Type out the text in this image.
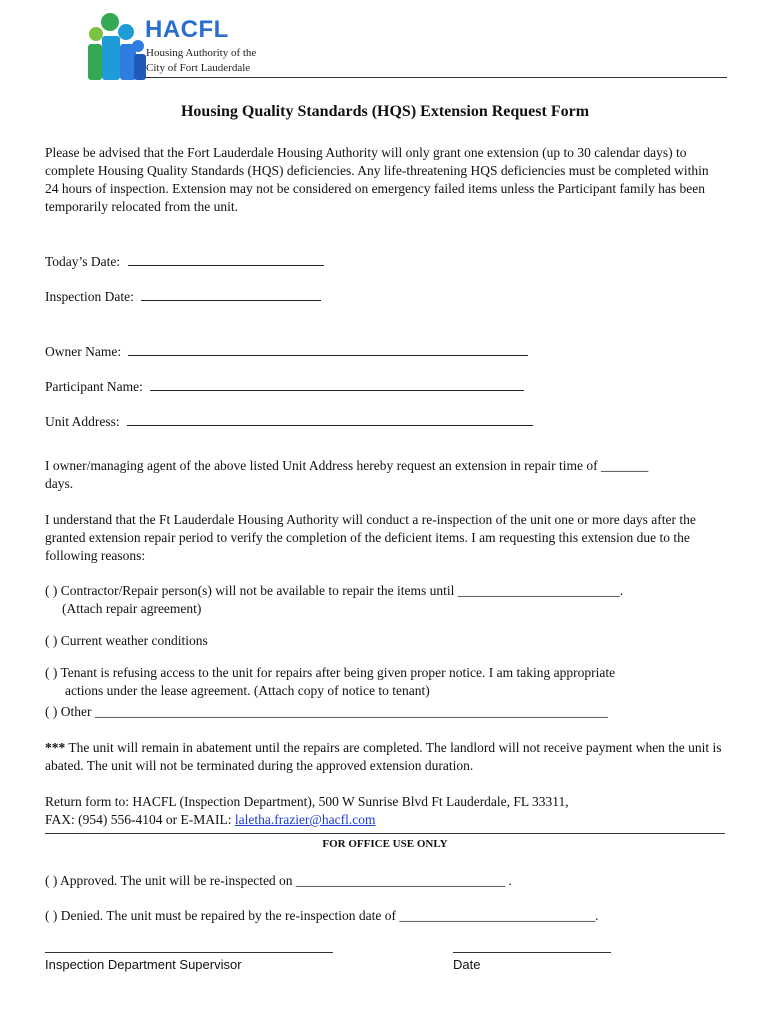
HACFL
Housing Authority of the
City of Fort Lauderdale
Housing Quality Standards (HQS) Extension Request Form
Please be advised that the Fort Lauderdale Housing Authority will only grant one extension (up to 30 calendar days) to complete Housing Quality Standards (HQS) deficiencies. Any life-threatening HQS deficiencies must be completed within 24 hours of inspection. Extension may not be considered on emergency failed items unless the Participant family has been temporarily relocated from the unit.
Today’s Date:
Inspection Date:
Owner Name:
Participant Name:
Unit Address:
I owner/managing agent of the above listed Unit Address hereby request an extension in repair time of _______
days.
I understand that the Ft Lauderdale Housing Authority will conduct a re-inspection of the unit one or more days after the granted extension repair period to verify the completion of the deficient items. I am requesting this extension due to the following reasons:
( ) Contractor/Repair person(s) will not be available to repair the items until ________________________.
(Attach repair agreement)
( ) Current weather conditions
( ) Tenant is refusing access to the unit for repairs after being given proper notice. I am taking appropriate
actions under the lease agreement. (Attach copy of notice to tenant)
( ) Other ____________________________________________________________________________
*** The unit will remain in abatement until the repairs are completed. The landlord will not receive payment when the unit is abated. The unit will not be terminated during the approved extension duration.
Return form to: HACFL (Inspection Department), 500 W Sunrise Blvd Ft Lauderdale, FL 33311,
FAX: (954) 556-4104 or E-MAIL: laletha.frazier@hacfl.com
FOR OFFICE USE ONLY
( ) Approved. The unit will be re-inspected on _______________________________ .
( ) Denied. The unit must be repaired by the re-inspection date of _____________________________.
Inspection Department Supervisor	Date
